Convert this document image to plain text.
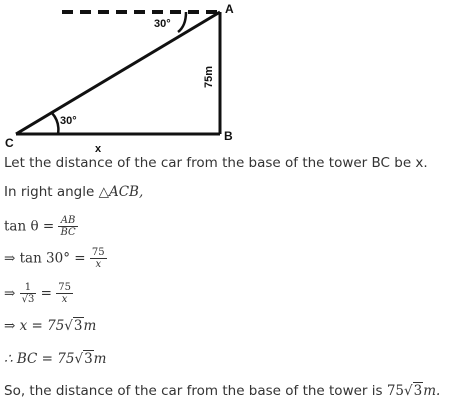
A
B
C
30°
30°
75m
x
Let the distance of the car from the base of the tower BC be x.
In right angle △ACB,
$\tan \theta = \frac{AB}{BC}$
⇒ $\tan 30^\circ = \frac{75}{x}$
⇒ $\frac{1}{√3} = \frac{75}{x}$
⇒ x = 75√3m
∴ BC = 75√3m
So, the distance of the car from the base of the tower is 75√3m.
